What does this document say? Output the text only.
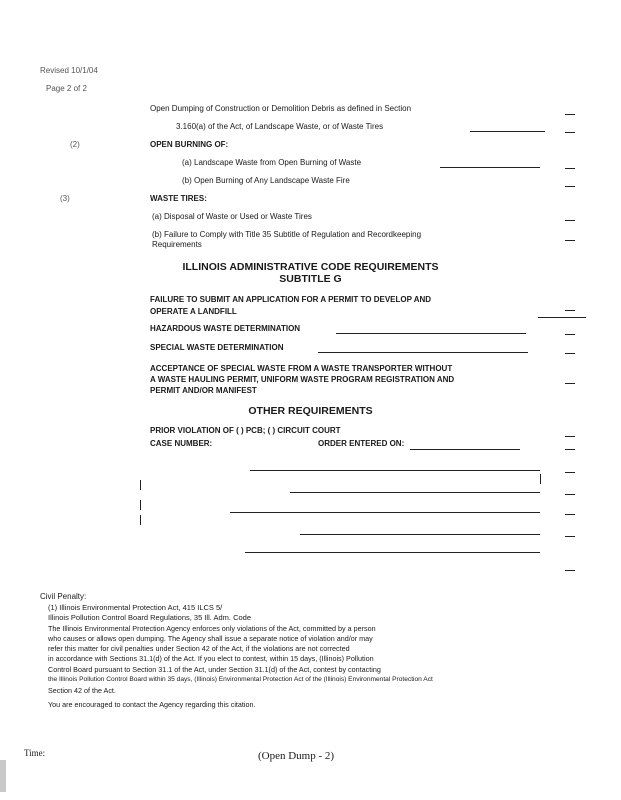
Revised 10/1/04
Page 2 of 2
Open Dumping of Construction or Demolition Debris as defined in Section
3.160(a) of the Act, of Landscape Waste, or of Waste Tires
(2)	OPEN BURNING OF:
(a) Landscape Waste from Open Burning of Waste
(b) Open Burning of Any Landscape Waste Fire
(3)	WASTE TIRES:
(a) Disposal of Waste or Used or Waste Tires
(b) Failure to Comply with Title 35 Subtitle of Regulation and Recordkeeping
Requirements
ILLINOIS ADMINISTRATIVE CODE REQUIREMENTS
SUBTITLE G
FAILURE TO SUBMIT AN APPLICATION FOR A PERMIT TO DEVELOP AND
OPERATE A LANDFILL
HAZARDOUS WASTE DETERMINATION
SPECIAL WASTE DETERMINATION
ACCEPTANCE OF SPECIAL WASTE FROM A WASTE TRANSPORTER WITHOUT
A WASTE HAULING PERMIT, UNIFORM WASTE PROGRAM REGISTRATION AND
PERMIT AND/OR MANIFEST
OTHER REQUIREMENTS
PRIOR VIOLATION OF ( ) PCB; ( ) CIRCUIT COURT
CASE NUMBER:	ORDER ENTERED ON:
Civil Penalty:
(1) Illinois Environmental Protection Act, 415 ILCS 5/
Illinois Pollution Control Board Regulations, 35 Ill. Adm. Code
The Illinois Environmental Protection Agency enforces only violations of the Act, committed by a person
who causes or allows open dumping. The Agency shall issue a separate notice of violation and/or may
refer this matter for civil penalties under Section 42 of the Act, if the violations are not corrected
in accordance with Sections 31.1(d) of the Act. If you elect to contest, within 15 days, (Illinois) Pollution
Control Board pursuant to Section 31.1 of the Act, under Section 31.1(d) of the Act, contest by contacting
the Illinois Pollution Control Board within 35 days, (Illinois) Environmental Protection Act of the (Illinois) Environmental Protection Act
Section 42 of the Act.
You are encouraged to contact the Agency regarding this citation.
Time:	(Open Dump - 2)
